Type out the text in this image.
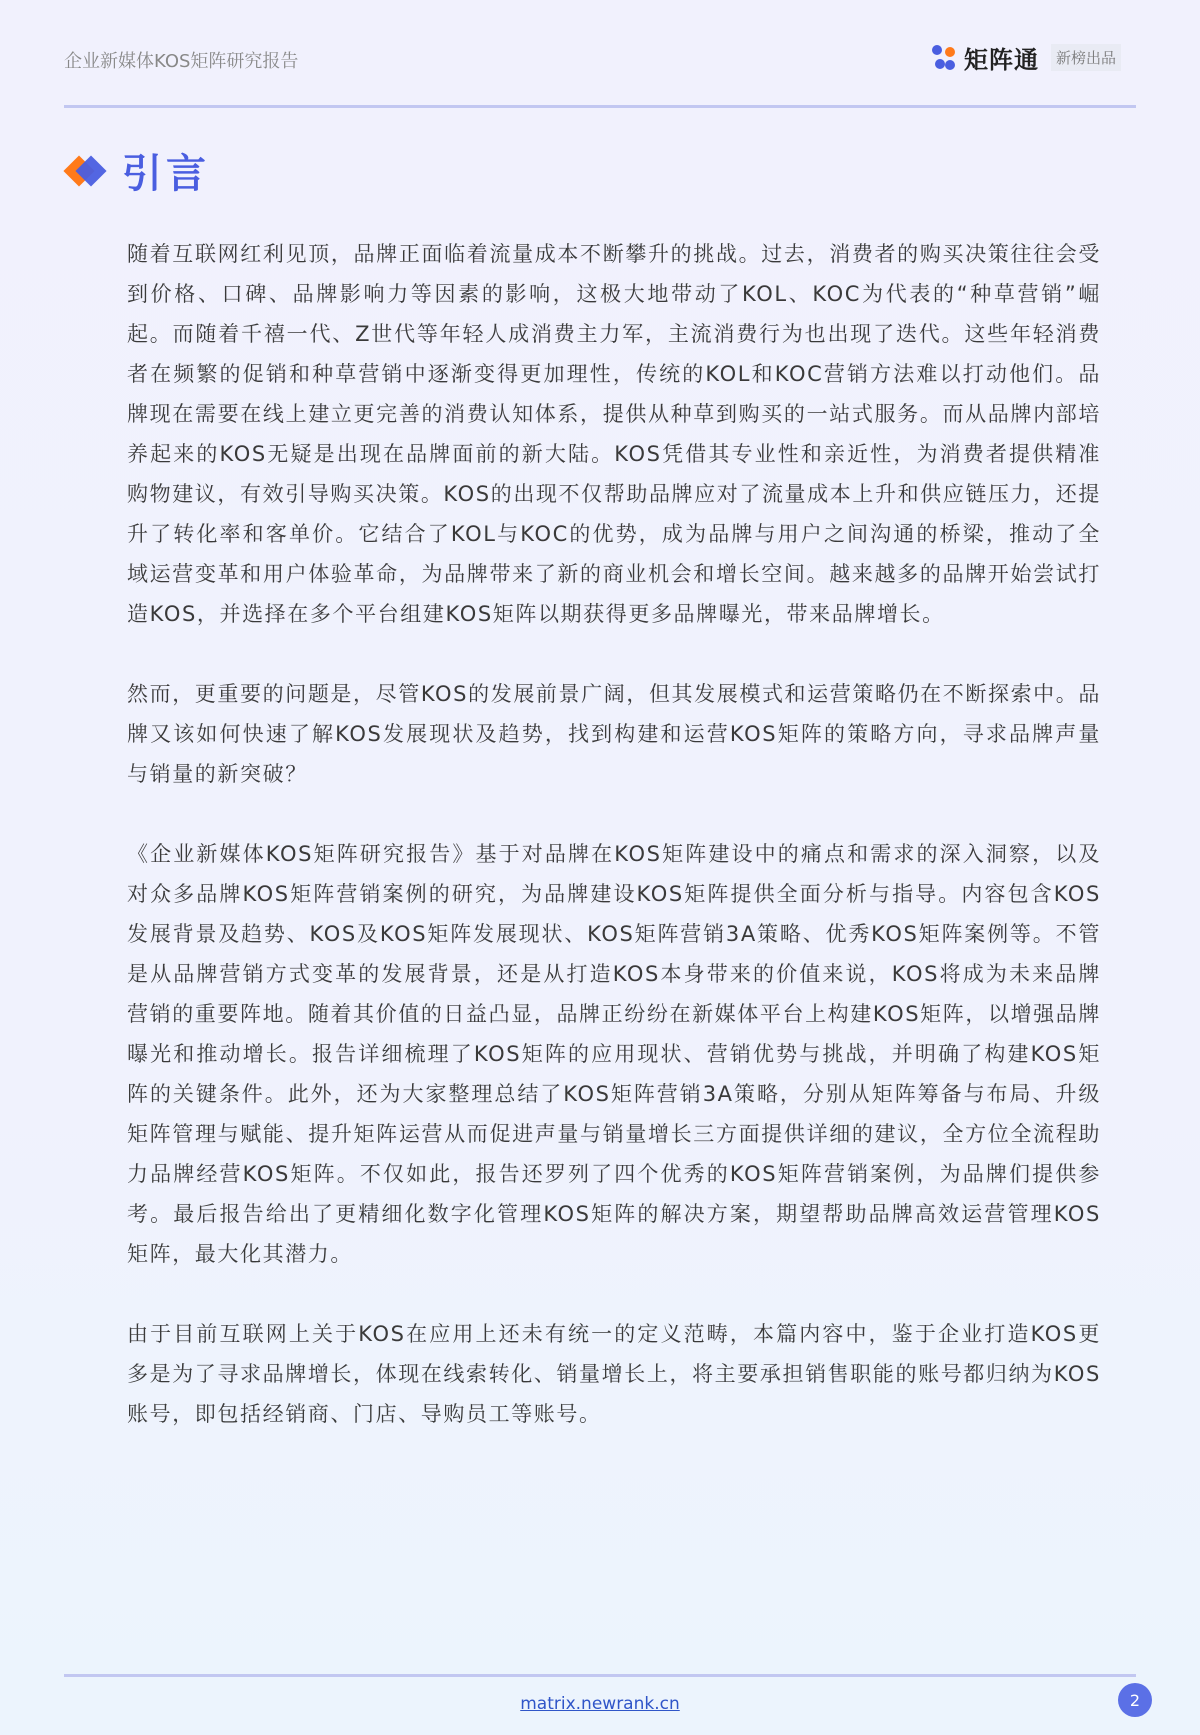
企业新媒体KOS矩阵研究报告	矩阵通	新榜出品
引言

随着互联网红利见顶，品牌正面临着流量成本不断攀升的挑战。过去，消费者的购买决策往往会受到价格、口碑、品牌影响力等因素的影响，这极大地带动了KOL、KOC为代表的“种草营销”崛起。而随着千禧一代、Z世代等年轻人成消费主力军，主流消费行为也出现了迭代。这些年轻消费者在频繁的促销和种草营销中逐渐变得更加理性，传统的KOL和KOC营销方法难以打动他们。品牌现在需要在线上建立更完善的消费认知体系，提供从种草到购买的一站式服务。而从品牌内部培养起来的KOS无疑是出现在品牌面前的新大陆。KOS凭借其专业性和亲近性，为消费者提供精准购物建议，有效引导购买决策。KOS的出现不仅帮助品牌应对了流量成本上升和供应链压力，还提升了转化率和客单价。它结合了KOL与KOC的优势，成为品牌与用户之间沟通的桥梁，推动了全域运营变革和用户体验革命，为品牌带来了新的商业机会和增长空间。越来越多的品牌开始尝试打造KOS，并选择在多个平台组建KOS矩阵以期获得更多品牌曝光，带来品牌增长。

然而，更重要的问题是，尽管KOS的发展前景广阔，但其发展模式和运营策略仍在不断探索中。品牌又该如何快速了解KOS发展现状及趋势，找到构建和运营KOS矩阵的策略方向，寻求品牌声量与销量的新突破？

《企业新媒体KOS矩阵研究报告》基于对品牌在KOS矩阵建设中的痛点和需求的深入洞察，以及对众多品牌KOS矩阵营销案例的研究，为品牌建设KOS矩阵提供全面分析与指导。内容包含KOS发展背景及趋势、KOS及KOS矩阵发展现状、KOS矩阵营销3A策略、优秀KOS矩阵案例等。不管是从品牌营销方式变革的发展背景，还是从打造KOS本身带来的价值来说，KOS将成为未来品牌营销的重要阵地。随着其价值的日益凸显，品牌正纷纷在新媒体平台上构建KOS矩阵，以增强品牌曝光和推动增长。报告详细梳理了KOS矩阵的应用现状、营销优势与挑战，并明确了构建KOS矩阵的关键条件。此外，还为大家整理总结了KOS矩阵营销3A策略，分别从矩阵筹备与布局、升级矩阵管理与赋能、提升矩阵运营从而促进声量与销量增长三方面提供详细的建议，全方位全流程助力品牌经营KOS矩阵。不仅如此，报告还罗列了四个优秀的KOS矩阵营销案例，为品牌们提供参考。最后报告给出了更精细化数字化管理KOS矩阵的解决方案，期望帮助品牌高效运营管理KOS矩阵，最大化其潜力。

由于目前互联网上关于KOS在应用上还未有统一的定义范畴，本篇内容中，鉴于企业打造KOS更多是为了寻求品牌增长，体现在线索转化、销量增长上，将主要承担销售职能的账号都归纳为KOS账号，即包括经销商、门店、导购员工等账号。

matrix.newrank.cn	2
